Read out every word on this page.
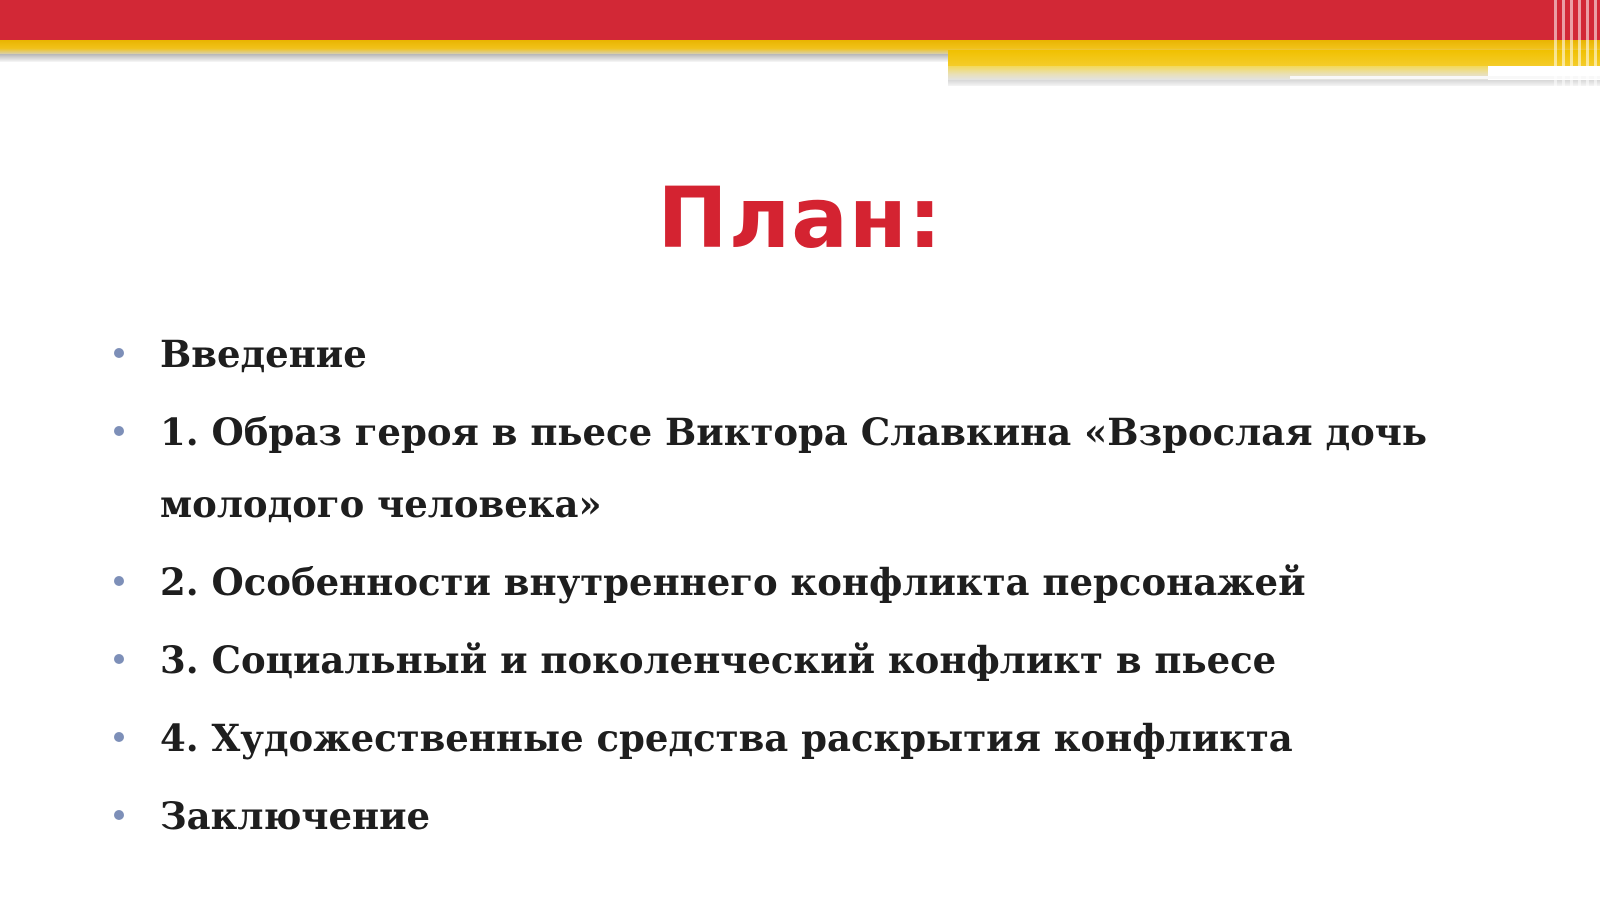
План:
Введение
1. Образ героя в пьесе Виктора Славкина «Взрослая дочь молодого человека»
2. Особенности внутреннего конфликта персонажей
3. Социальный и поколенческий конфликт в пьесе
4. Художественные средства раскрытия конфликта
Заключение
